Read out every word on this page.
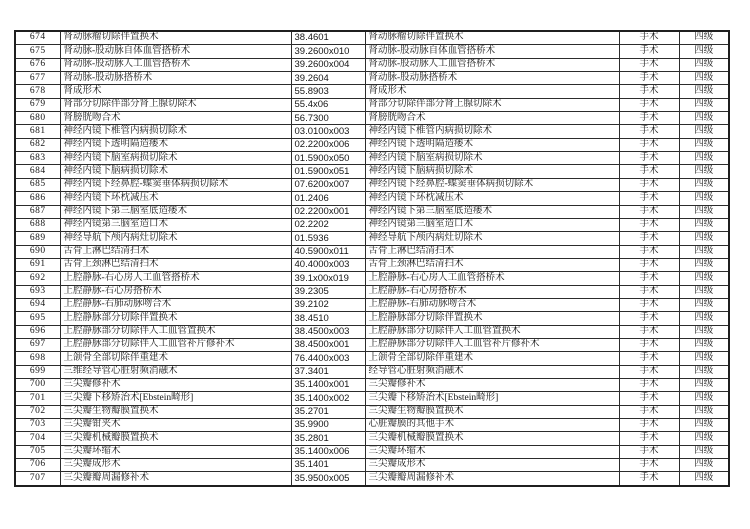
674	肾动脉瘤切除伴置换术	38.4601	肾动脉瘤切除伴置换术	手术	四级
675	肾动脉-股动脉自体血管搭桥术	39.2600x010	肾动脉-股动脉自体血管搭桥术	手术	四级
676	肾动脉-股动脉人工血管搭桥术	39.2600x004	肾动脉-股动脉人工血管搭桥术	手术	四级
677	肾动脉-股动脉搭桥术	39.2604	肾动脉-股动脉搭桥术	手术	四级
678	肾成形术	55.8903	肾成形术	手术	四级
679	肾部分切除伴部分肾上腺切除术	55.4x06	肾部分切除伴部分肾上腺切除术	手术	四级
680	肾膀胱吻合术	56.7300	肾膀胱吻合术	手术	四级
681	神经内镜下椎管内病损切除术	03.0100x003	神经内镜下椎管内病损切除术	手术	四级
682	神经内镜下透明隔造瘘术	02.2200x006	神经内镜下透明隔造瘘术	手术	四级
683	神经内镜下脑室病损切除术	01.5900x050	神经内镜下脑室病损切除术	手术	四级
684	神经内镜下脑病损切除术	01.5900x051	神经内镜下脑病损切除术	手术	四级
685	神经内镜下经鼻腔-蝶窦垂体病损切除术	07.6200x007	神经内镜下经鼻腔-蝶窦垂体病损切除术	手术	四级
686	神经内镜下环枕减压术	01.2406	神经内镜下环枕减压术	手术	四级
687	神经内镜下第三脑室底造瘘术	02.2200x001	神经内镜下第三脑室底造瘘术	手术	四级
688	神经内镜第三脑室造口术	02.2202	神经内镜第三脑室造口术	手术	四级
689	神经导航下颅内病灶切除术	01.5936	神经导航下颅内病灶切除术	手术	四级
690	舌骨上淋巴结清扫术	40.5900x011	舌骨上淋巴结清扫术	手术	四级
691	舌骨上颈淋巴结清扫术	40.4000x003	舌骨上颈淋巴结清扫术	手术	四级
692	上腔静脉-右心房人工血管搭桥术	39.1x00x019	上腔静脉-右心房人工血管搭桥术	手术	四级
693	上腔静脉-右心房搭桥术	39.2305	上腔静脉-右心房搭桥术	手术	四级
694	上腔静脉-右肺动脉吻合术	39.2102	上腔静脉-右肺动脉吻合术	手术	四级
695	上腔静脉部分切除伴置换术	38.4510	上腔静脉部分切除伴置换术	手术	四级
696	上腔静脉部分切除伴人工血管置换术	38.4500x003	上腔静脉部分切除伴人工血管置换术	手术	四级
697	上腔静脉部分切除伴人工血管补片修补术	38.4500x001	上腔静脉部分切除伴人工血管补片修补术	手术	四级
698	上颌骨全部切除伴重建术	76.4400x003	上颌骨全部切除伴重建术	手术	四级
699	三维经导管心脏射频消融术	37.3401	经导管心脏射频消融术	手术	四级
700	三尖瓣修补术	35.1400x001	三尖瓣修补术	手术	四级
701	三尖瓣下移矫治术[Ebstein畸形]	35.1400x002	三尖瓣下移矫治术[Ebstein畸形]	手术	四级
702	三尖瓣生物瓣膜置换术	35.2701	三尖瓣生物瓣膜置换术	手术	四级
703	三尖瓣钳夹术	35.9900	心脏瓣膜的其他手术	手术	四级
704	三尖瓣机械瓣膜置换术	35.2801	三尖瓣机械瓣膜置换术	手术	四级
705	三尖瓣环缩术	35.1400x006	三尖瓣环缩术	手术	四级
706	三尖瓣成形术	35.1401	三尖瓣成形术	手术	四级
707	三尖瓣瓣周漏修补术	35.9500x005	三尖瓣瓣周漏修补术	手术	四级
